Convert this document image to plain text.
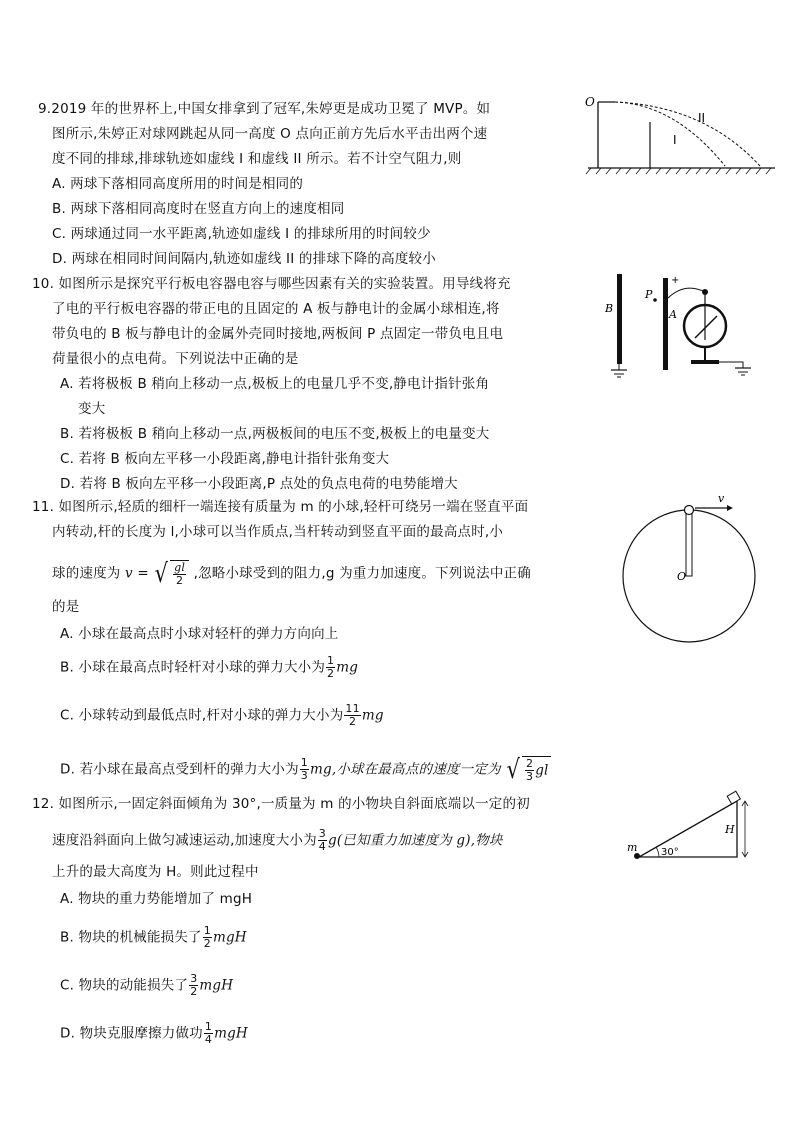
9.2019 年的世界杯上,中国女排拿到了冠军,朱婷更是成功卫冕了 MVP。如
图所示,朱婷正对球网跳起从同一高度 O 点向正前方先后水平击出两个速
度不同的排球,排球轨迹如虚线 I 和虚线 II 所示。若不计空气阻力,则
A. 两球下落相同高度所用的时间是相同的
B. 两球下落相同高度时在竖直方向上的速度相同
C. 两球通过同一水平距离,轨迹如虚线 I 的排球所用的时间较少
D. 两球在相同时间间隔内,轨迹如虚线 II 的排球下降的高度较小
O
I
II
10. 如图所示是探究平行板电容器电容与哪些因素有关的实验装置。用导线将充
了电的平行板电容器的带正电的且固定的 A 板与静电计的金属小球相连,将
带负电的 B 板与静电计的金属外壳同时接地,两板间 P 点固定一带负电且电
荷量很小的点电荷。下列说法中正确的是
A. 若将极板 B 稍向上移动一点,极板上的电量几乎不变,静电计指针张角
变大
B. 若将极板 B 稍向上移动一点,两极板间的电压不变,极板上的电量变大
C. 若将 B 板向左平移一小段距离,静电计指针张角变大
D. 若将 B 板向左平移一小段距离,P 点处的负点电荷的电势能增大
B
P
+
A
11. 如图所示,轻质的细杆一端连接有质量为 m 的小球,轻杆可绕另一端在竖直平面
内转动,杆的长度为 l,小球可以当作质点,当杆转动到竖直平面的最高点时,小
球的速度为 v = √ $\frac{gl}{2}$ ,忽略小球受到的阻力,g 为重力加速度。下列说法中正确
的是
A. 小球在最高点时小球对轻杆的弹力方向向上
B. 小球在最高点时轻杆对小球的弹力大小为 $\frac{1}{2}$ mg
C. 小球转动到最低点时,杆对小球的弹力大小为 $\frac{11}{2}$ mg
D. 若小球在最高点受到杆的弹力大小为 $\frac{1}{3}$ mg,小球在最高点的速度一定为 √ $\frac{2}{3}$ gl
v
O
12. 如图所示,一固定斜面倾角为 30°,一质量为 m 的小物块自斜面底端以一定的初
速度沿斜面向上做匀减速运动,加速度大小为 $\frac{3}{4} g$(已知重力加速度为 g),物块
上升的最大高度为 H。则此过程中
A. 物块的重力势能增加了 mgH
B. 物块的机械能损失了 $\frac{1}{2}$ mgH
C. 物块的动能损失了 $\frac{3}{2}$ mgH
D. 物块克服摩擦力做功 $\frac{1}{4}$ mgH
m 30°
H
